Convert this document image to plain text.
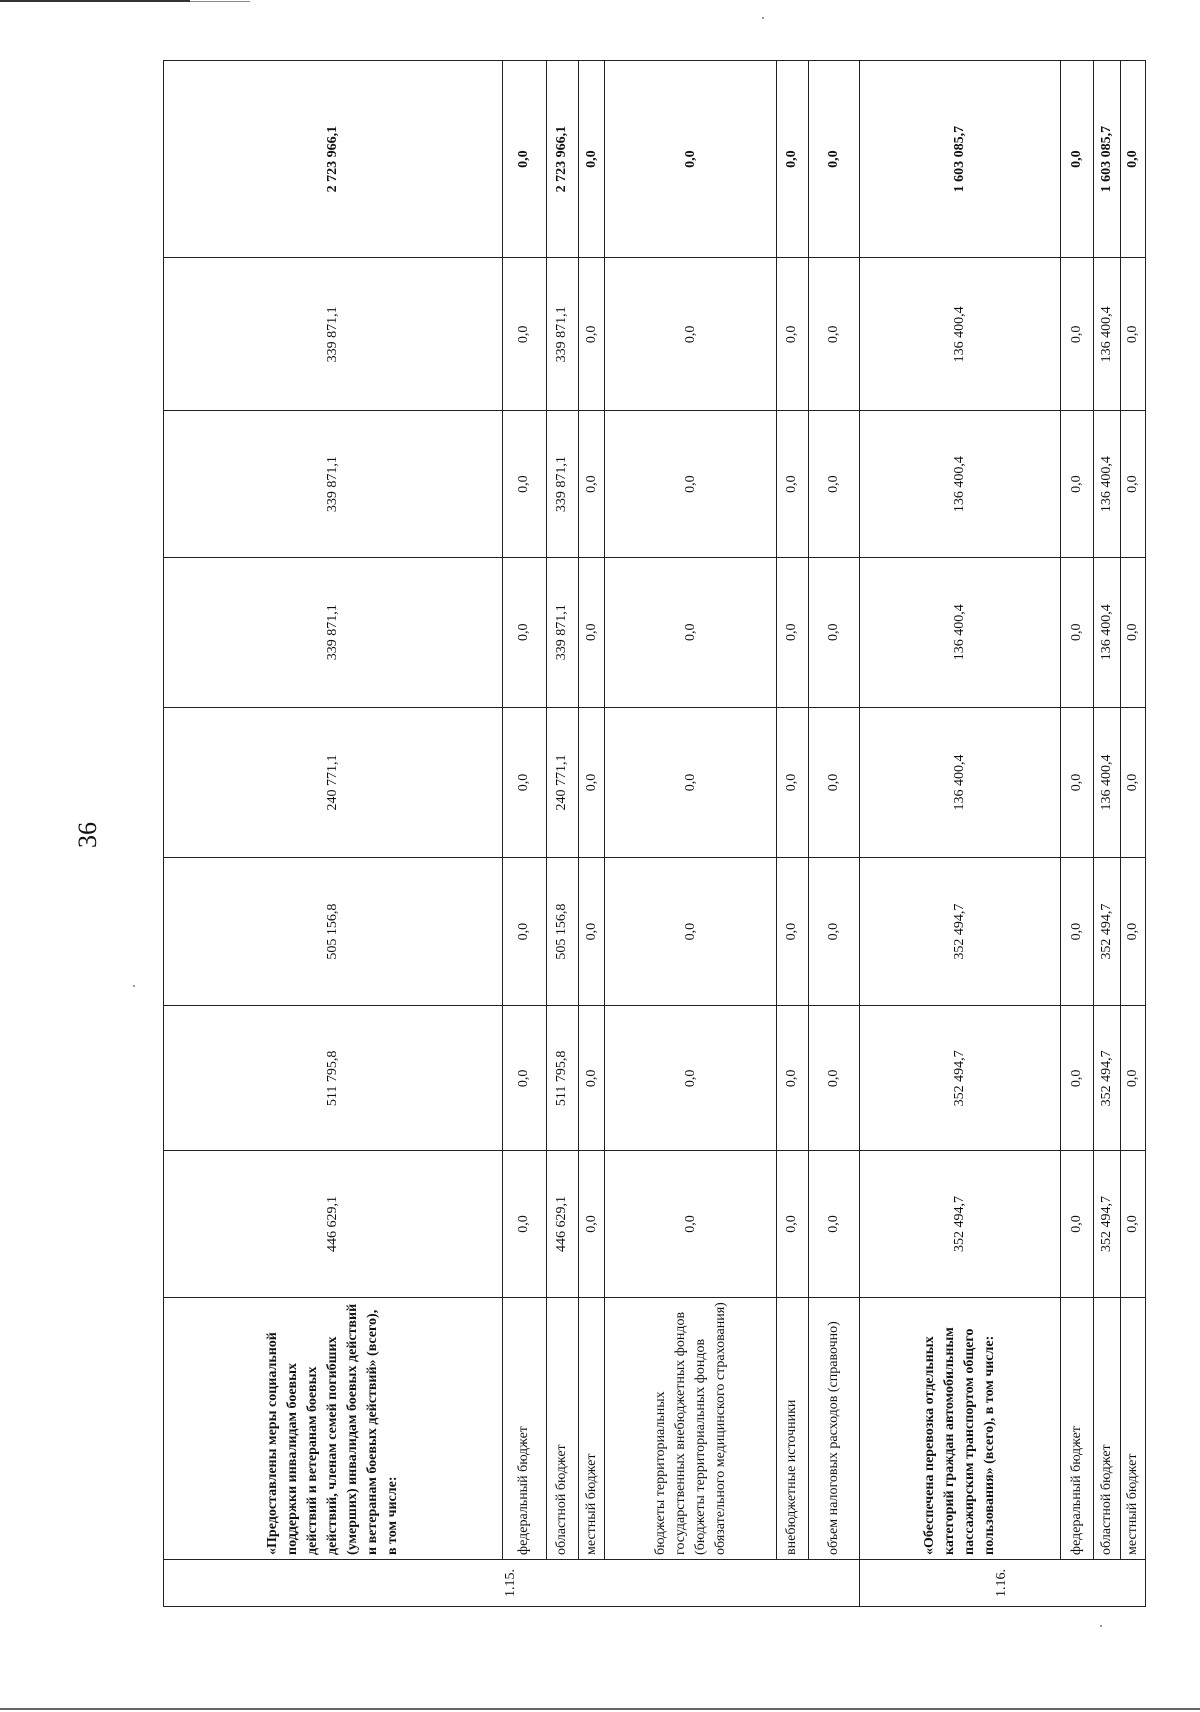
36
1.15.	«Предоставлены меры социальной поддержки инвалидам боевых действий и ветеранам боевых действий, членам семей погибших (умерших) инвалидам боевых действий и ветеранам боевых действий» (всего), в том числе:	446 629,1	511 795,8	505 156,8	240 771,1	339 871,1	339 871,1	339 871,1	2 723 966,1
	федеральный бюджет	0,0	0,0	0,0	0,0	0,0	0,0	0,0	0,0
	областной бюджет	446 629,1	511 795,8	505 156,8	240 771,1	339 871,1	339 871,1	339 871,1	2 723 966,1
	местный бюджет	0,0	0,0	0,0	0,0	0,0	0,0	0,0	0,0
	бюджеты территориальных государственных внебюджетных фондов (бюджеты территориальных фондов обязательного медицинского страхования)	0,0	0,0	0,0	0,0	0,0	0,0	0,0	0,0
	внебюджетные источники	0,0	0,0	0,0	0,0	0,0	0,0	0,0	0,0
	объем налоговых расходов (справочно)	0,0	0,0	0,0	0,0	0,0	0,0	0,0	0,0
1.16.	«Обеспечена перевозка отдельных категорий граждан автомобильным пассажирским транспортом общего пользования» (всего), в том числе:	352 494,7	352 494,7	352 494,7	136 400,4	136 400,4	136 400,4	136 400,4	1 603 085,7
	федеральный бюджет	0,0	0,0	0,0	0,0	0,0	0,0	0,0	0,0
	областной бюджет	352 494,7	352 494,7	352 494,7	136 400,4	136 400,4	136 400,4	136 400,4	1 603 085,7
	местный бюджет	0,0	0,0	0,0	0,0	0,0	0,0	0,0	0,0
